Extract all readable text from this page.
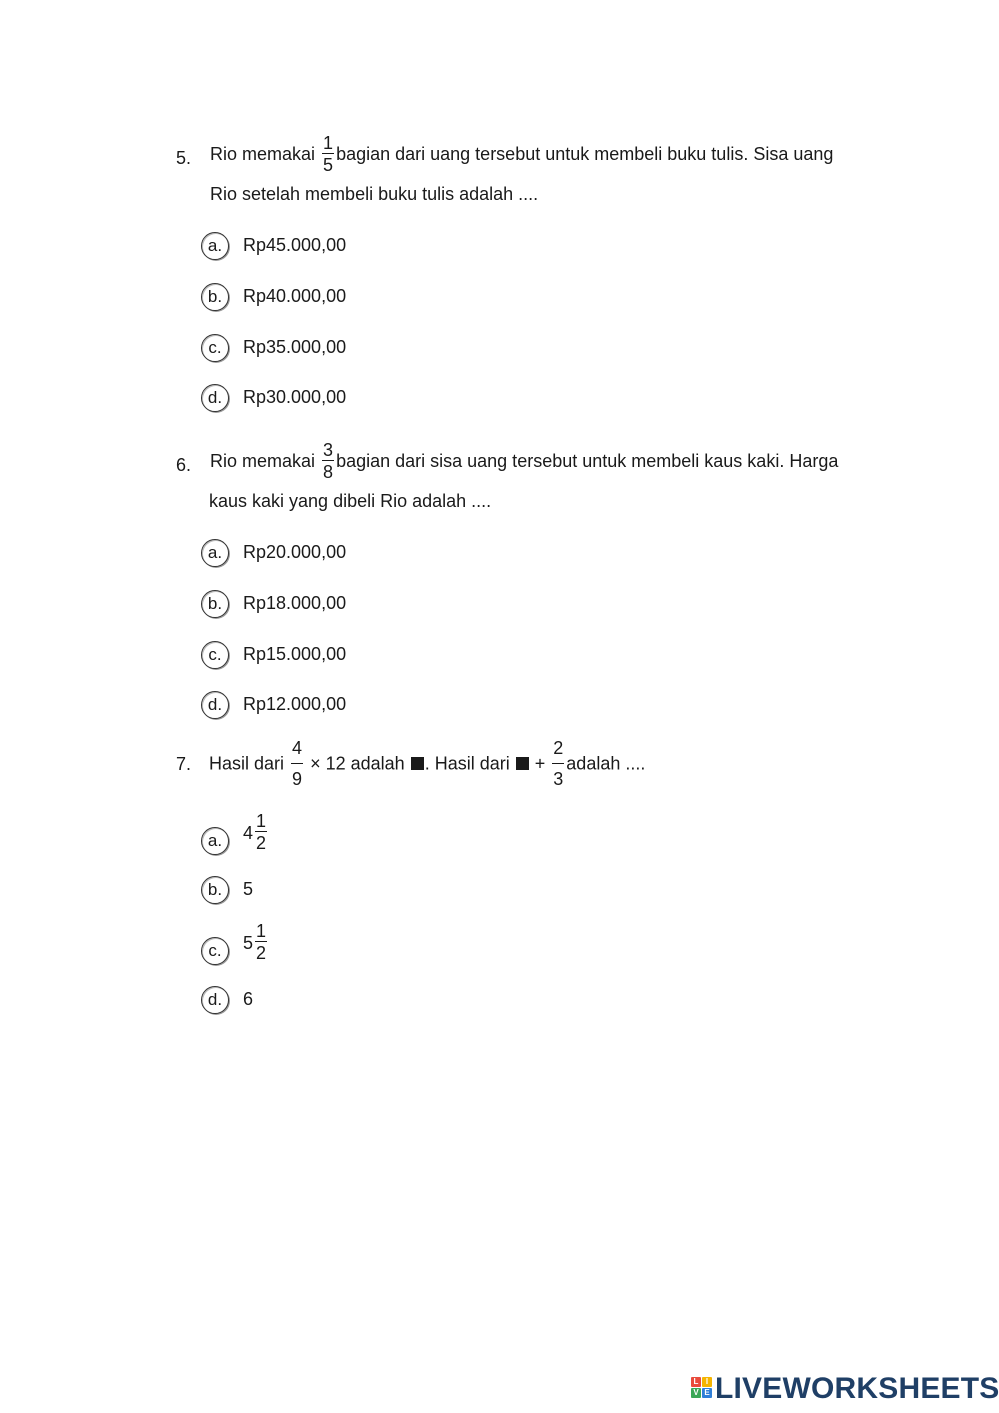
5. Rio memakai $\frac{1}{5}$ bagian dari uang tersebut untuk membeli buku tulis. Sisa uang
Rio setelah membeli buku tulis adalah ....
a.	Rp45.000,00
b.	Rp40.000,00
c.	Rp35.000,00
d.	Rp30.000,00
6. Rio memakai $\frac{3}{8}$ bagian dari sisa uang tersebut untuk membeli kaus kaki. Harga
kaus kaki yang dibeli Rio adalah ....
a.	Rp20.000,00
b.	Rp18.000,00
c.	Rp15.000,00
d.	Rp12.000,00
7. Hasil dari $\frac{4}{9} \times 12$ adalah . Hasil dari + $\frac{2}{3}$ adalah ....
a.	$4 \frac{1}{2}$
b.	5
c.	$5 \frac{1}{2}$
d.	6
L I
V E LIVEWORKSHEETS
